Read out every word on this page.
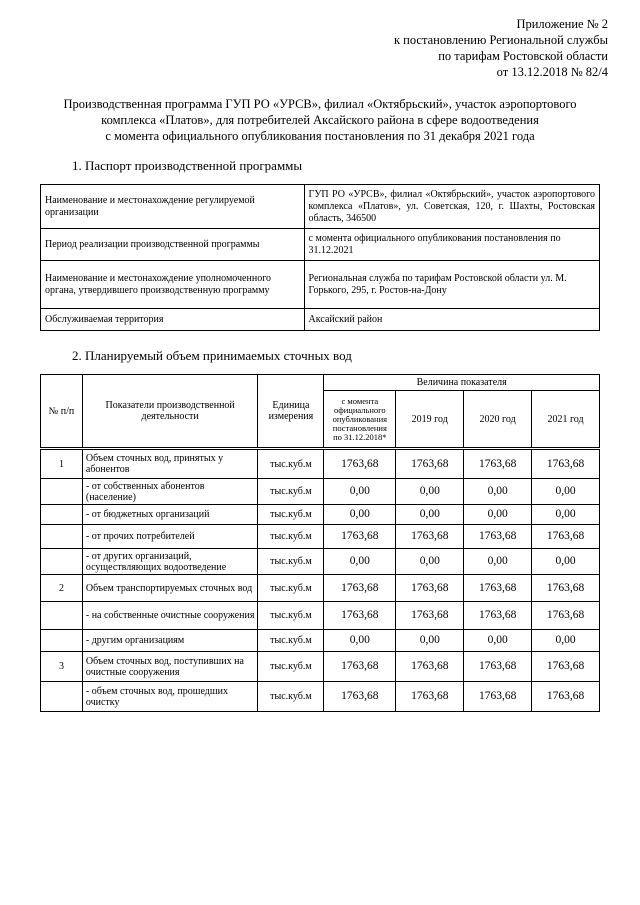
Приложение № 2
к постановлению Региональной службы
по тарифам Ростовской области
от 13.12.2018 № 82/4
Производственная программа ГУП РО «УРСВ», филиал «Октябрьский», участок аэропортового
комплекса «Платов», для потребителей Аксайского района в сфере водоотведения
с момента официального опубликования постановления по 31 декабря 2021 года
1. Паспорт производственной программы
Наименование и местонахождение регулируемой организации	ГУП РО «УРСВ», филиал «Октябрьский», участок аэропортового комплекса «Платов», ул. Советская, 120, г. Шахты, Ростовская область, 346500
Период реализации производственной программы	с момента официального опубликования постановления по 31.12.2021
Наименование и местонахождение уполномоченного органа, утвердившего производственную программу	Региональная служба по тарифам Ростовской области ул. М. Горького, 295, г. Ростов-на-Дону
Обслуживаемая территория	Аксайский район
2. Планируемый объем принимаемых сточных вод
№ п/п	Показатели производственной деятельности	Единица измерения	Величина показателя			
			с момента официального опубликования постановления по 31.12.2018*	2019 год	2020 год	2021 год
1	Объем сточных вод, принятых у абонентов	тыс.куб.м	1763,68	1763,68	1763,68	1763,68
	- от собственных абонентов (население)	тыс.куб.м	0,00	0,00	0,00	0,00
	- от бюджетных организаций	тыс.куб.м	0,00	0,00	0,00	0,00
	- от прочих потребителей	тыс.куб.м	1763,68	1763,68	1763,68	1763,68
	- от других организаций, осуществляющих водоотведение	тыс.куб.м	0,00	0,00	0,00	0,00
2	Объем транспортируемых сточных вод	тыс.куб.м	1763,68	1763,68	1763,68	1763,68
	- на собственные очистные сооружения	тыс.куб.м	1763,68	1763,68	1763,68	1763,68
	- другим организациям	тыс.куб.м	0,00	0,00	0,00	0,00
3	Объем сточных вод, поступивших на очистные сооружения	тыс.куб.м	1763,68	1763,68	1763,68	1763,68
	- объем сточных вод, прошедших очистку	тыс.куб.м	1763,68	1763,68	1763,68	1763,68
